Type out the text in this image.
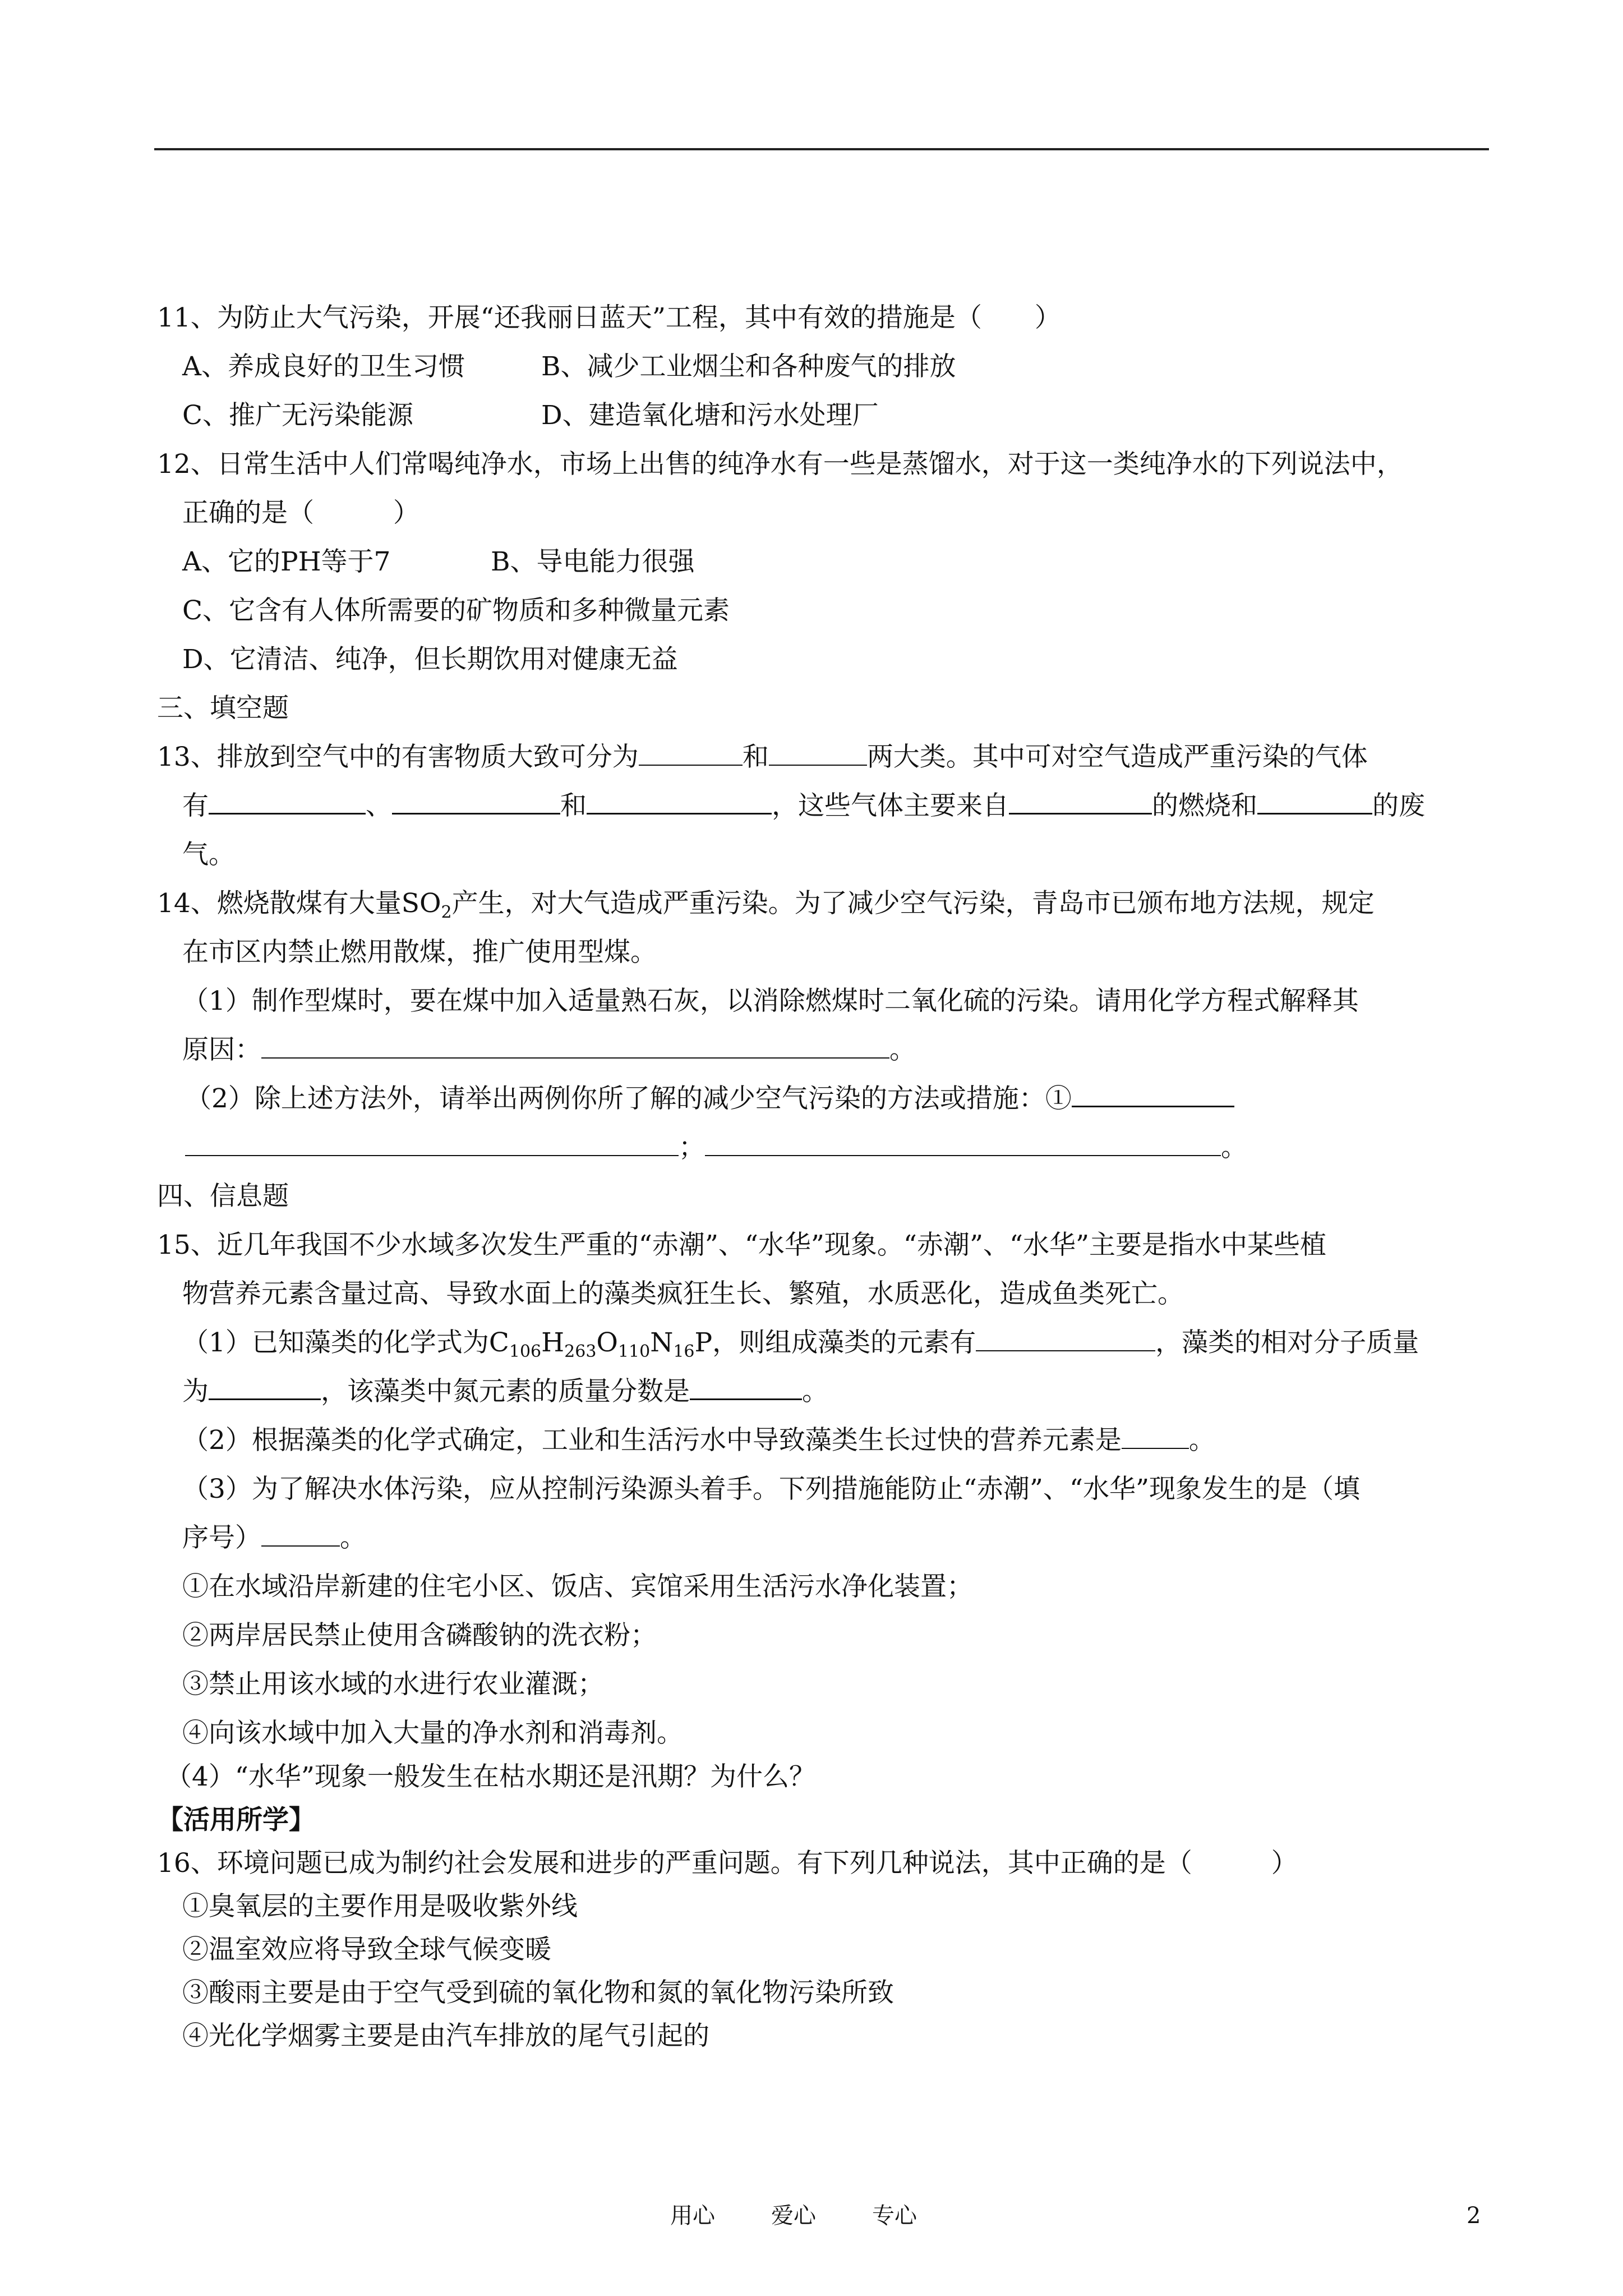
11、为防止大气污染，开展“还我丽日蓝天”工程，其中有效的措施是（　　）
A、养成良好的卫生习惯	B、减少工业烟尘和各种废气的排放
C、推广无污染能源	D、建造氧化塘和污水处理厂
12、日常生活中人们常喝纯净水，市场上出售的纯净水有一些是蒸馏水，对于这一类纯净水的下列说法中，
正确的是（　　　）
A、它的PH等于7	B、导电能力很强
C、它含有人体所需要的矿物质和多种微量元素
D、它清洁、纯净，但长期饮用对健康无益
三、填空题
13、排放到空气中的有害物质大致可分为	和	两大类。其中可对空气造成严重污染的气体
有	、	和	，这些气体主要来自	的燃烧和	的废
气。
14、燃烧散煤有大量$SO_2$产生，对大气造成严重污染。为了减少空气污染，青岛市已颁布地方法规，规定
在市区内禁止燃用散煤，推广使用型煤。
（1）制作型煤时，要在煤中加入适量熟石灰，以消除燃煤时二氧化硫的污染。请用化学方程式解释其
原因：	。
（2）除上述方法外，请举出两例你所了解的减少空气污染的方法或措施：①
；	。
四、信息题
15、近几年我国不少水域多次发生严重的“赤潮”、“水华”现象。“赤潮”、“水华”主要是指水中某些植
物营养元素含量过高、导致水面上的藻类疯狂生长、繁殖，水质恶化，造成鱼类死亡。
（1）已知藻类的化学式为$C_{106}H_{263}O_{110}N_{16}P$，则组成藻类的元素有	，藻类的相对分子质量
为	，该藻类中氮元素的质量分数是	。
（2）根据藻类的化学式确定，工业和生活污水中导致藻类生长过快的营养元素是	。
（3）为了解决水体污染，应从控制污染源头着手。下列措施能防止“赤潮”、“水华”现象发生的是（填
序号）	。
①在水域沿岸新建的住宅小区、饭店、宾馆采用生活污水净化装置；
②两岸居民禁止使用含磷酸钠的洗衣粉；
③禁止用该水域的水进行农业灌溉；
④向该水域中加入大量的净水剂和消毒剂。
（4）“水华”现象一般发生在枯水期还是汛期？为什么？
【活用所学】
16、环境问题已成为制约社会发展和进步的严重问题。有下列几种说法，其中正确的是（　　　）
①臭氧层的主要作用是吸收紫外线
②温室效应将导致全球气候变暖
③酸雨主要是由于空气受到硫的氧化物和氮的氧化物污染所致
④光化学烟雾主要是由汽车排放的尾气引起的
用心	爱心	专心	2
